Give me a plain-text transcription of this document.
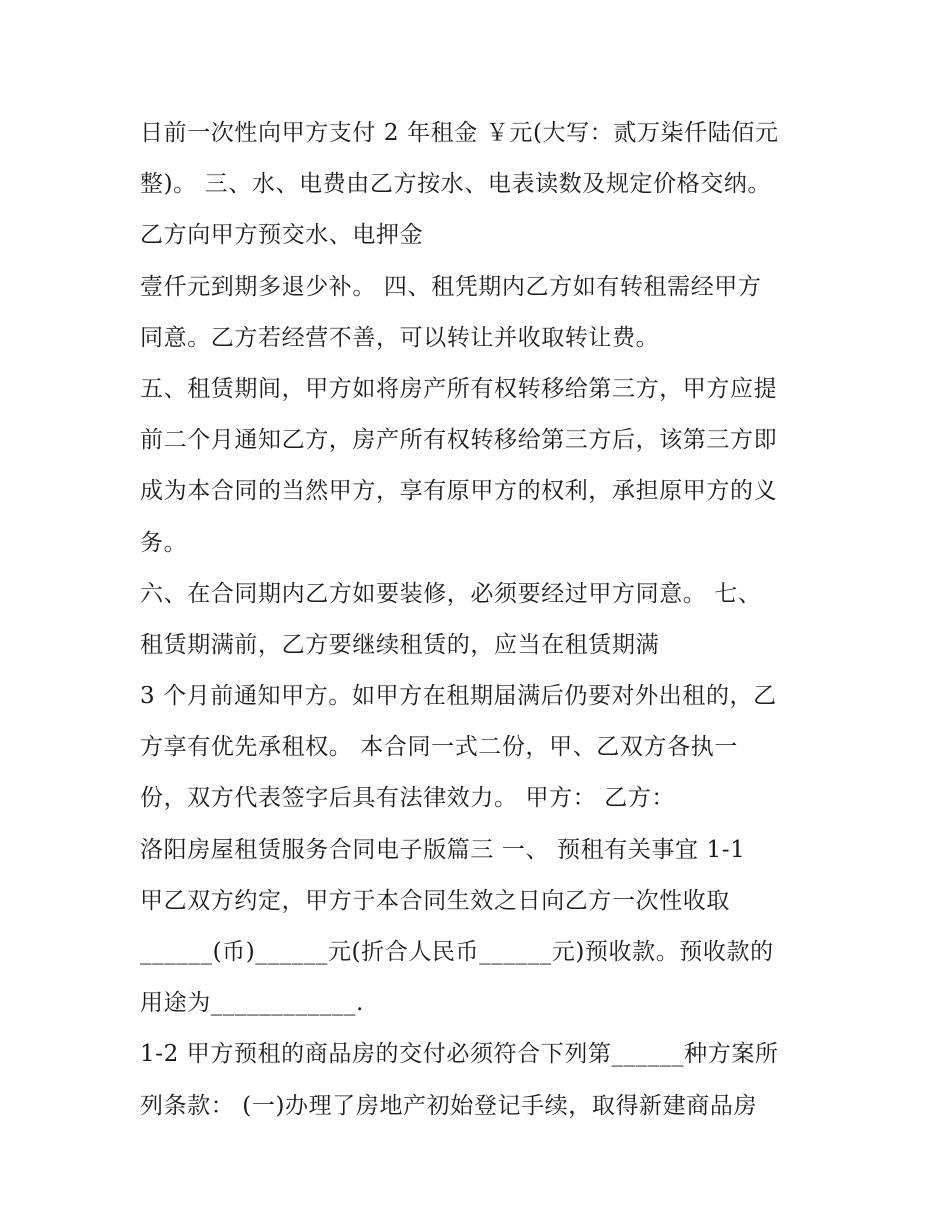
日前一次性向甲方支付 2 年租金 ￥元(大写：贰万柒仟陆佰元
整)。 三、水、电费由乙方按水、电表读数及规定价格交纳。
乙方向甲方预交水、电押金
壹仟元到期多退少补。 四、租凭期内乙方如有转租需经甲方
同意。乙方若经营不善，可以转让并收取转让费。
五、租赁期间，甲方如将房产所有权转移给第三方，甲方应提
前二个月通知乙方，房产所有权转移给第三方后，该第三方即
成为本合同的当然甲方，享有原甲方的权利，承担原甲方的义
务。
六、在合同期内乙方如要装修，必须要经过甲方同意。 七、
租赁期满前，乙方要继续租赁的，应当在租赁期满
3 个月前通知甲方。如甲方在租期届满后仍要对外出租的，乙
方享有优先承租权。 本合同一式二份，甲、乙双方各执一
份，双方代表签字后具有法律效力。 甲方： 乙方：
洛阳房屋租赁服务合同电子版篇三 一、 预租有关事宜 1-1
甲乙双方约定，甲方于本合同生效之日向乙方一次性收取
______(币)______元(折合人民币______元)预收款。预收款的
用途为____________.
1-2 甲方预租的商品房的交付必须符合下列第______种方案所
列条款： (一)办理了房地产初始登记手续，取得新建商品房
